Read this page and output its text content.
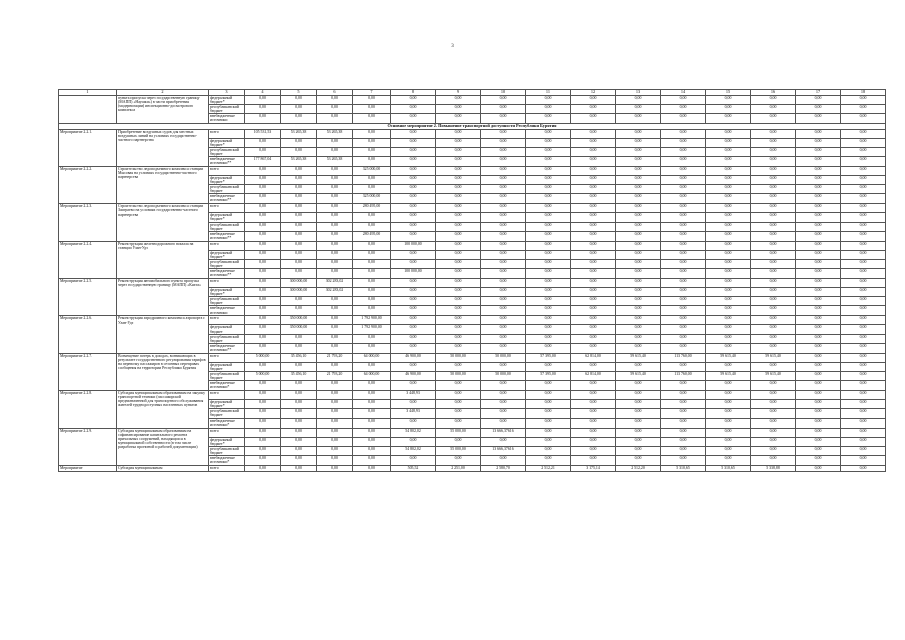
3
1	2	3	4	5	6	7	8	9	10	11	12	13	14	15	16	17	18
	пункта пропуска через государственную границу (МАПП) «Наушки») в части приобретения (модернизации) инспекционно-досмотрового комплекса	федеральный бюджет*	0,00	0,00	0,00	0,00	0,00	0,00	0,00	0,00	0,00	0,00	0,00	0,00	0,00	0,00	0,00
		республиканский бюджет	0,00	0,00	0,00	0,00	0,00	0,00	0,00	0,00	0,00	0,00	0,00	0,00	0,00	0,00	0,00
		внебюджетные источники	0,00	0,00	0,00	0,00	0,00	0,00	0,00	0,00	0,00	0,00	0,00	0,00	0,00	0,00	0,00
Основное мероприятие 2. Повышение транспортной доступности Республики Бурятия																	
Мероприятие 2.2.1.	Приобретение воздушных судов для местных воздушных линий на условиях государственно-частного партнерства	всего	105 531,53	53 265,38	53 265,38	0,00	0,00	0,00	0,00	0,00	0,00	0,00	0,00	0,00	0,00	0,00	0,00
		федеральный бюджет*	0,00	0,00	0,00	0,00	0,00	0,00	0,00	0,00	0,00	0,00	0,00	0,00	0,00	0,00	0,00
		республиканский бюджет	0,00	0,00	0,00	0,00	0,00	0,00	0,00	0,00	0,00	0,00	0,00	0,00	0,00	0,00	0,00
		внебюджетные источники**	177 867,04	53 265,38	53 265,38	0,00	0,00	0,00	0,00	0,00	0,00	0,00	0,00	0,00	0,00	0,00	0,00
Мероприятие 2.2.2.	Строительство ледоподъемного комплекса станции Мысовая на условиях государственно-частного партнерства	всего	0,00	0,00	0,00	325 000,00	0,00	0,00	0,00	0,00	0,00	0,00	0,00	0,00	0,00	0,00	0,00
		федеральный бюджет*	0,00	0,00	0,00	0,00	0,00	0,00	0,00	0,00	0,00	0,00	0,00	0,00	0,00	0,00	0,00
		республиканский бюджет	0,00	0,00	0,00	0,00	0,00	0,00	0,00	0,00	0,00	0,00	0,00	0,00	0,00	0,00	0,00
		внебюджетные источники**	0,00	0,00	0,00	325 000,00	0,00	0,00	0,00	0,00	0,00	0,00	0,00	0,00	0,00	0,00	0,00
Мероприятие 2.2.3.	Строительство ледоподъемного комплекса станции Заиграево на условиях государственно-частного партнерства	всего	0,00	0,00	0,00	280 495,00	0,00	0,00	0,00	0,00	0,00	0,00	0,00	0,00	0,00	0,00	0,00
		федеральный бюджет*	0,00	0,00	0,00	0,00	0,00	0,00	0,00	0,00	0,00	0,00	0,00	0,00	0,00	0,00	0,00
		республиканский бюджет	0,00	0,00	0,00	0,00	0,00	0,00	0,00	0,00	0,00	0,00	0,00	0,00	0,00	0,00	0,00
		внебюджетные источники**	0,00	0,00	0,00	280 495,00	0,00	0,00	0,00	0,00	0,00	0,00	0,00	0,00	0,00	0,00	0,00
Мероприятие 2.2.4.	Реконструкция железнодорожного вокзала на станции Улан-Удэ	всего	0,00	0,00	0,00	0,00	100 000,00	0,00	0,00	0,00	0,00	0,00	0,00	0,00	0,00	0,00	0,00
		федеральный бюджет*	0,00	0,00	0,00	0,00	0,00	0,00	0,00	0,00	0,00	0,00	0,00	0,00	0,00	0,00	0,00
		республиканский бюджет	0,00	0,00	0,00	0,00	0,00	0,00	0,00	0,00	0,00	0,00	0,00	0,00	0,00	0,00	0,00
		внебюджетные источники**	0,00	0,00	0,00	0,00	100 000,00	0,00	0,00	0,00	0,00	0,00	0,00	0,00	0,00	0,00	0,00
Мероприятие 2.2.5.	Реконструкция автомобильного пункта пропуска через государственную границу (МАПП) «Кяхта»	всего	0,00	300 000,00	302 283,02	0,00	0,00	0,00	0,00	0,00	0,00	0,00	0,00	0,00	0,00	0,00	0,00
		федеральный бюджет*	0,00	300 000,00	302 283,02	0,00	0,00	0,00	0,00	0,00	0,00	0,00	0,00	0,00	0,00	0,00	0,00
		республиканский бюджет	0,00	0,00	0,00	0,00	0,00	0,00	0,00	0,00	0,00	0,00	0,00	0,00	0,00	0,00	0,00
		внебюджетные источники	0,00	0,00	0,00	0,00	0,00	0,00	0,00	0,00	0,00	0,00	0,00	0,00	0,00	0,00	0,00
Мероприятие 2.2.6.	Реконструкция аэродромного комплекса аэропорта г. Улан-Удэ	всего	0,00	350 000,00	0,00	1 792 900,00	0,00	0,00	0,00	0,00	0,00	0,00	0,00	0,00	0,00	0,00	0,00
		федеральный бюджет	0,00	350 000,00	0,00	1 792 900,00	0,00	0,00	0,00	0,00	0,00	0,00	0,00	0,00	0,00	0,00	0,00
		республиканский бюджет	0,00	0,00	0,00	0,00	0,00	0,00	0,00	0,00	0,00	0,00	0,00	0,00	0,00	0,00	0,00
		внебюджетные источники**	0,00	0,00	0,00	0,00	0,00	0,00	0,00	0,00	0,00	0,00	0,00	0,00	0,00	0,00	0,00
Мероприятие 2.2.7.	Возмещение потерь в доходах, возникающих в результате государственного регулирования тарифов на перевозку пассажиров в сезонных переправах сообщения на территории Республики Бурятия	всего	5 000,00	35 456,10	21 793,20	64 000,00	46 900,00	50 000,00	50 000,00	57 395,00	62 814,00	59 615,40	113 760,00	59 615,40	59 615,40	0,00	0,00
		федеральный бюджет	0,00	0,00	0,00	0,00	0,00	0,00	0,00	0,00	0,00	0,00	0,00	0,00	0,00	0,00	0,00
		республиканский бюджет	5 000,00	35 456,10	21 793,20	64 000,00	46 900,00	50 000,00	50 000,00	57 395,00	62 814,00	59 615,40	113 760,00	59 615,40	59 615,40	0,00	0,00
		внебюджетные источники*	0,00	0,00	0,00	0,00	0,00	0,00	0,00	0,00	0,00	0,00	0,00	0,00	0,00	0,00	0,00
Мероприятие 2.2.8.	Субсидия муниципальным образованиям на закупку транспортной техники (пассажирской предназначенной для транспортного обслуживания жителей труднодоступных населенных пунктов	всего	0,00	0,00	0,00	0,00	3 448,93	0,00	0,00	0,00	0,00	0,00	0,00	0,00	0,00	0,00	0,00
		федеральный бюджет*	0,00	0,00	0,00	0,00	0,00	0,00	0,00	0,00	0,00	0,00	0,00	0,00	0,00	0,00	0,00
		республиканский бюджет	0,00	0,00	0,00	0,00	3 448,93	0,00	0,00	0,00	0,00	0,00	0,00	0,00	0,00	0,00	0,00
		внебюджетные источники*	0,00	0,00	0,00	0,00	0,00	0,00	0,00	0,00	0,00	0,00	0,00	0,00	0,00	0,00	0,00
Мероприятие 2.2.9.	Субсидия муниципальным образованиям на софинансирование капитального ремонта причальных сооружений, находящихся в муниципальной собственности (в том числе разработка проектной и рабочей документации)	всего	0,00	0,00	0,00	0,00	54 802,02	55 000,00	13 666,37616	0,00	0,00	0,00	0,00	0,00	0,00	0,00	0,00
		федеральный бюджет*	0,00	0,00	0,00	0,00	0,00	0,00	0,00	0,00	0,00	0,00	0,00	0,00	0,00	0,00	0,00
		республиканский бюджет	0,00	0,00	0,00	0,00	54 802,02	55 000,00	13 666,37616	0,00	0,00	0,00	0,00	0,00	0,00	0,00	0,00
		внебюджетные источники*	0,00	0,00	0,00	0,00	0,00	0,00	0,00	0,00	0,00	0,00	0,00	0,00	0,00	0,00	0,00
Мероприятие	Субсидия муниципальным	всего	0,00	0,00	0,00	0,00	505,52	2 251,00	2 580,70	2 512,21	3 175,14	2 512,20	5 310,65	5 310,65	5 338,88	0,00	0,00
